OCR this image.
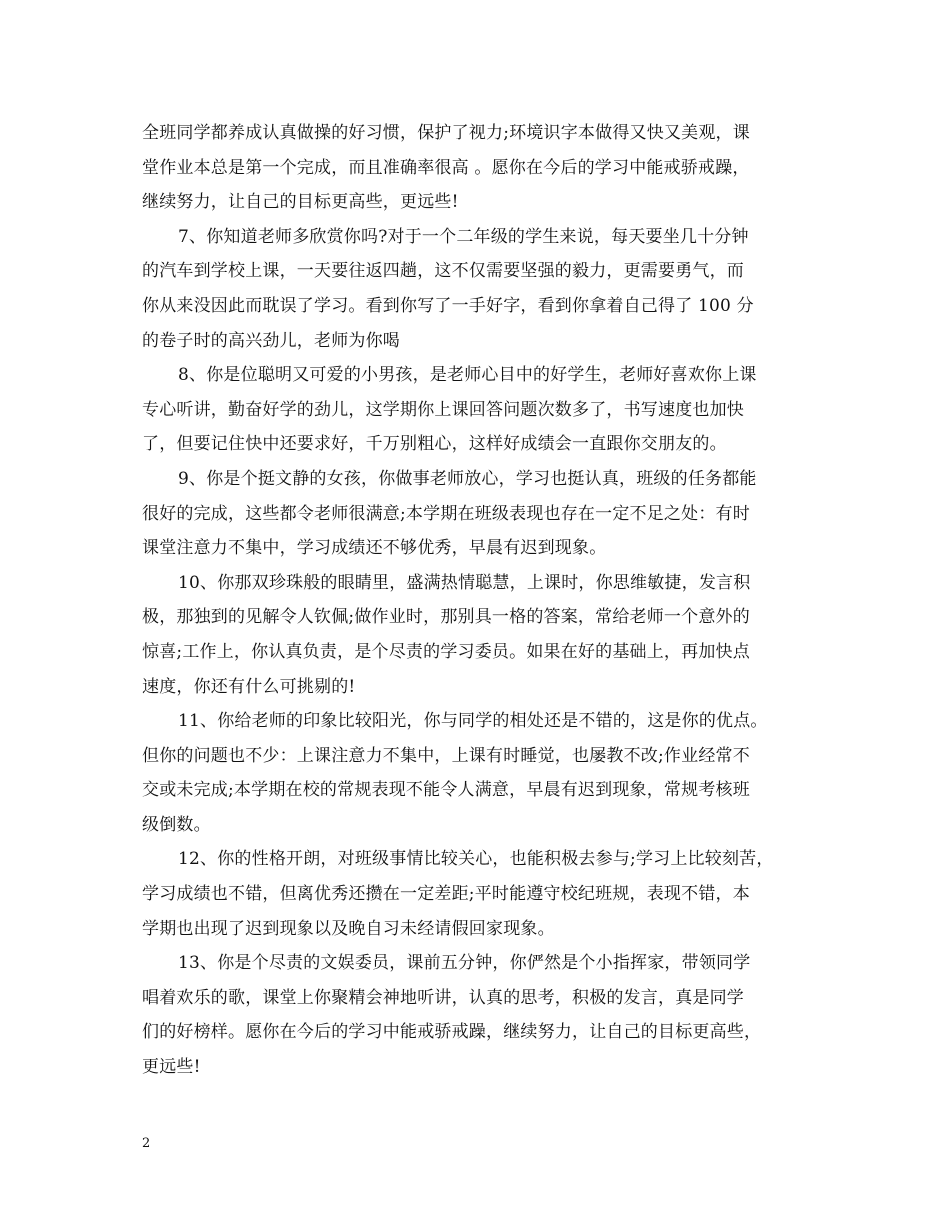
全班同学都养成认真做操的好习惯，保护了视力;环境识字本做得又快又美观，课
堂作业本总是第一个完成，而且准确率很高 。愿你在今后的学习中能戒骄戒躁，
继续努力，让自己的目标更高些，更远些!
7、你知道老师多欣赏你吗?对于一个二年级的学生来说，每天要坐几十分钟
的汽车到学校上课，一天要往返四趟，这不仅需要坚强的毅力，更需要勇气，而
你从来没因此而耽误了学习。看到你写了一手好字，看到你拿着自己得了 100 分
的卷子时的高兴劲儿，老师为你喝
8、你是位聪明又可爱的小男孩，是老师心目中的好学生，老师好喜欢你上课
专心听讲，勤奋好学的劲儿，这学期你上课回答问题次数多了，书写速度也加快
了，但要记住快中还要求好，千万别粗心，这样好成绩会一直跟你交朋友的。
9、你是个挺文静的女孩，你做事老师放心，学习也挺认真，班级的任务都能
很好的完成，这些都令老师很满意;本学期在班级表现也存在一定不足之处：有时
课堂注意力不集中，学习成绩还不够优秀，早晨有迟到现象。
10、你那双珍珠般的眼睛里，盛满热情聪慧，上课时，你思维敏捷，发言积
极，那独到的见解令人钦佩;做作业时，那别具一格的答案，常给老师一个意外的
惊喜;工作上，你认真负责，是个尽责的学习委员。如果在好的基础上，再加快点
速度，你还有什么可挑剔的!
11、你给老师的印象比较阳光，你与同学的相处还是不错的，这是你的优点。
但你的问题也不少：上课注意力不集中，上课有时睡觉，也屡教不改;作业经常不
交或未完成;本学期在校的常规表现不能令人满意，早晨有迟到现象，常规考核班
级倒数。
12、你的性格开朗，对班级事情比较关心，也能积极去参与;学习上比较刻苦，
学习成绩也不错，但离优秀还攒在一定差距;平时能遵守校纪班规，表现不错，本
学期也出现了迟到现象以及晚自习未经请假回家现象。
13、你是个尽责的文娱委员，课前五分钟，你俨然是个小指挥家，带领同学
唱着欢乐的歌，课堂上你聚精会神地听讲，认真的思考，积极的发言，真是同学
们的好榜样。愿你在今后的学习中能戒骄戒躁，继续努力，让自己的目标更高些，
更远些!
2
